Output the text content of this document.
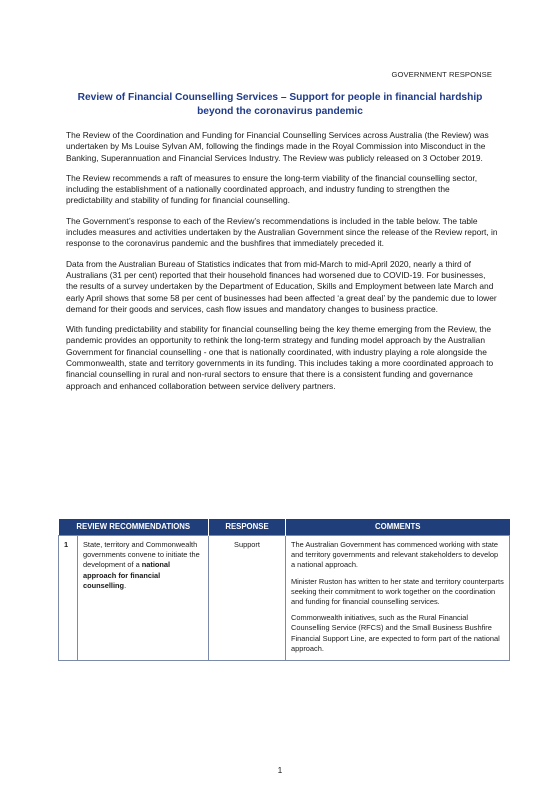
GOVERNMENT RESPONSE
Review of Financial Counselling Services – Support for people in financial hardship beyond the coronavirus pandemic

The Review of the Coordination and Funding for Financial Counselling Services across Australia (the Review) was undertaken by Ms Louise Sylvan AM, following the findings made in the Royal Commission into Misconduct in the Banking, Superannuation and Financial Services Industry. The Review was publicly released on 3 October 2019.

The Review recommends a raft of measures to ensure the long-term viability of the financial counselling sector, including the establishment of a nationally coordinated approach, and industry funding to strengthen the predictability and stability of funding for financial counselling.

The Government’s response to each of the Review’s recommendations is included in the table below. The table includes measures and activities undertaken by the Australian Government since the release of the Review report, in response to the coronavirus pandemic and the bushfires that immediately preceded it.

Data from the Australian Bureau of Statistics indicates that from mid-March to mid-April 2020, nearly a third of Australians (31 per cent) reported that their household finances had worsened due to COVID-19. For businesses, the results of a survey undertaken by the Department of Education, Skills and Employment between late March and early April shows that some 58 per cent of businesses had been affected ‘a great deal’ by the pandemic due to lower demand for their goods and services, cash flow issues and mandatory changes to business practice.

With funding predictability and stability for financial counselling being the key theme emerging from the Review, the pandemic provides an opportunity to rethink the long-term strategy and funding model approach by the Australian Government for financial counselling - one that is nationally coordinated, with industry playing a role alongside the Commonwealth, state and territory governments in its funding. This includes taking a more coordinated approach to financial counselling in rural and non-rural sectors to ensure that there is a consistent funding and governance approach and enhanced collaboration between service delivery partners.

REVIEW RECOMMENDATIONS		RESPONSE	COMMENTS
1	State, territory and Commonwealth governments convene to initiate the development of a national approach for financial counselling.	Support	The Australian Government has commenced working with state and territory governments and relevant stakeholders to develop a national approach.

Minister Ruston has written to her state and territory counterparts seeking their commitment to work together on the coordination and funding for financial counselling services.

Commonwealth initiatives, such as the Rural Financial Counselling Service (RFCS) and the Small Business Bushfire Financial Support Line, are expected to form part of the national approach.

1
